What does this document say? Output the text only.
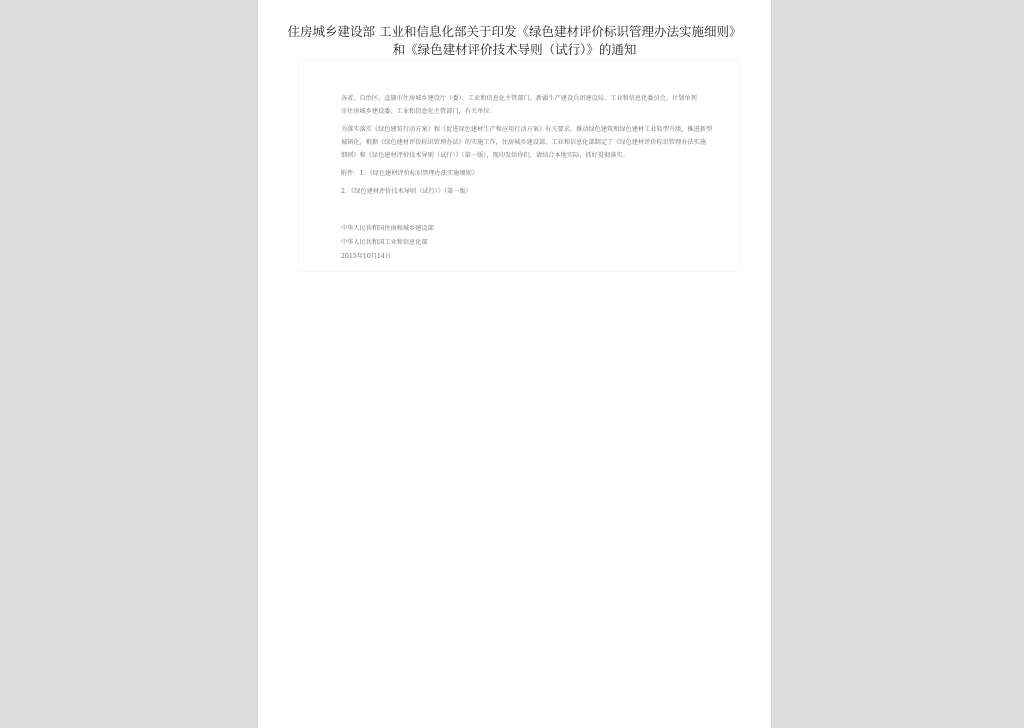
住房城乡建设部 工业和信息化部关于印发《绿色建材评价标识管理办法实施细则》
和《绿色建材评价技术导则（试行）》的通知
各省、自治区、直辖市住房城乡建设厅（委）、工业和信息化主管部门，新疆生产建设兵团建设局、工业和信息化委员会，计划单列
市住房城乡建设委、工业和信息化主管部门，有关单位：
为落实落实《绿色建筑行动方案》和《促进绿色建材生产和应用行动方案》有关要求，推动绿色建筑和绿色建材工业转型升级，推进新型
城镇化，根据《绿色建材评价标识管理办法》的实施工作，住房城乡建设部、工业和信息化部制定了《绿色建材评价标识管理办法实施
细则》和《绿色建材评价技术导则（试行）》（第一版），现印发给你们，请结合本地实际，抓好贯彻落实。
附件：1．《绿色建材评价标识管理办法实施细则》
2．《绿色建材评价技术导则（试行）》（第一版）
中华人民共和国住房和城乡建设部
中华人民共和国工业和信息化部
2015年10月14日
